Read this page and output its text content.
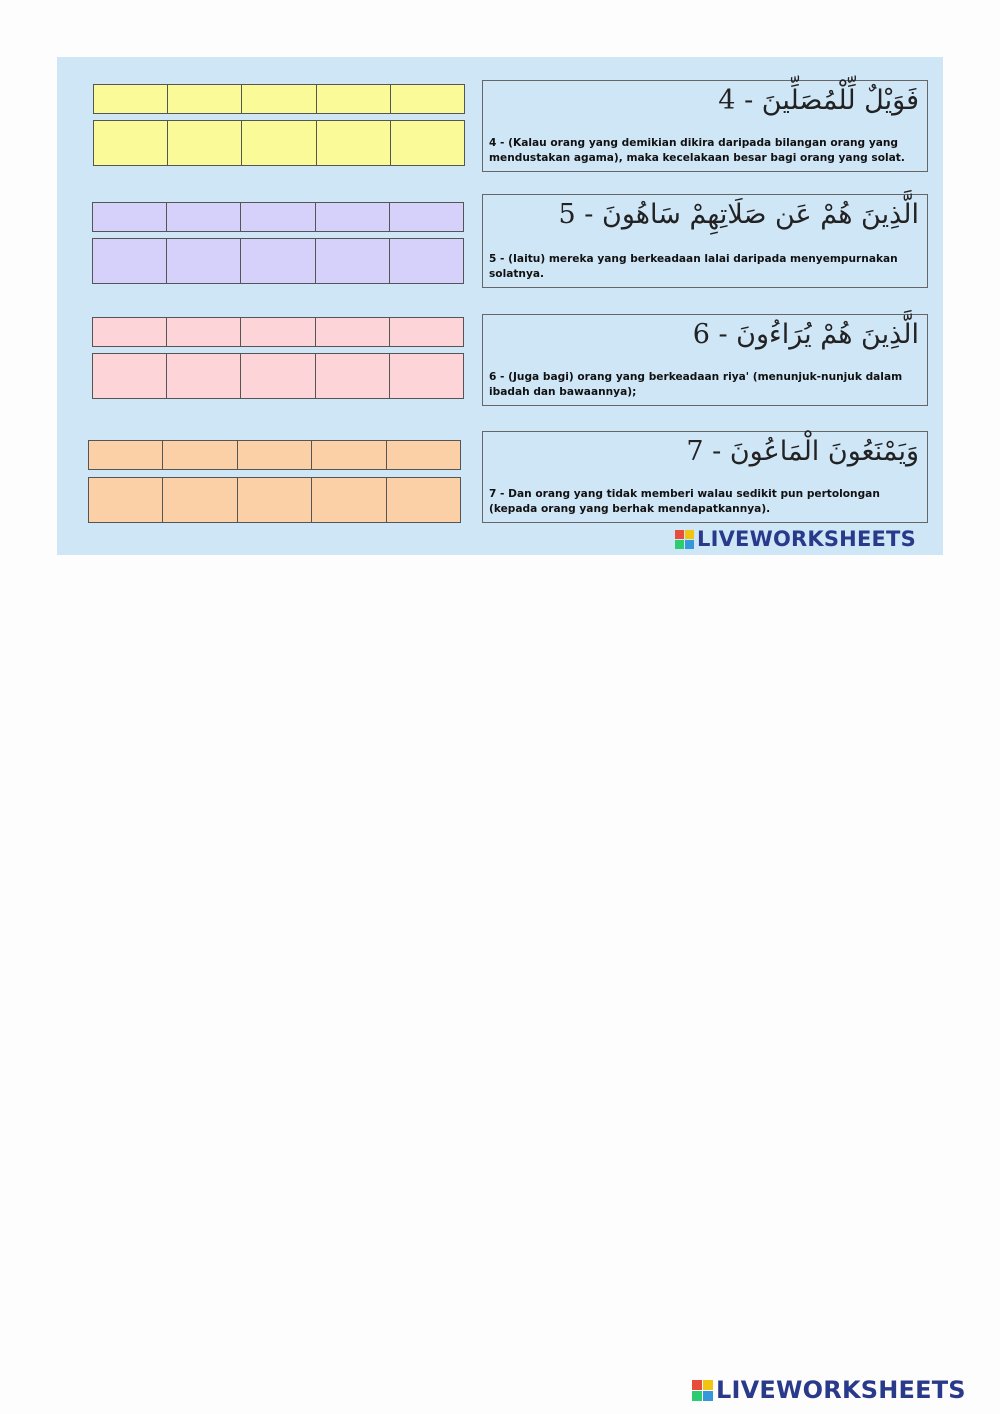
فَوَيْلٌ لِّلْمُصَلِّينَ - 4
4 - (Kalau orang yang demikian dikira daripada bilangan orang yang mendustakan agama), maka kecelakaan besar bagi orang yang solat.
الَّذِينَ هُمْ عَن صَلَاتِهِمْ سَاهُونَ - 5
5 - (Iaitu) mereka yang berkeadaan lalai daripada menyempurnakan solatnya.
الَّذِينَ هُمْ يُرَاءُونَ - 6
6 - (Juga bagi) orang yang berkeadaan riya' (menunjuk-nunjuk dalam ibadah dan bawaannya);
وَيَمْنَعُونَ الْمَاعُونَ - 7
7 - Dan orang yang tidak memberi walau sedikit pun pertolongan (kepada orang yang berhak mendapatkannya).
LIVEWORKSHEETS
LIVEWORKSHEETS
